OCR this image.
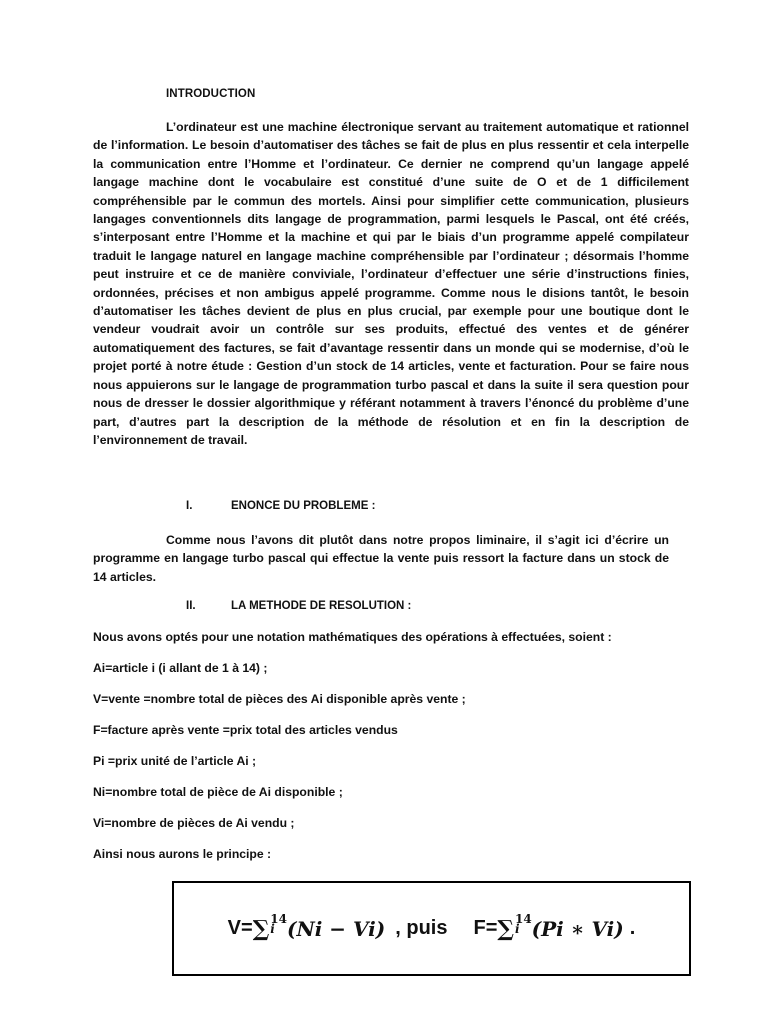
INTRODUCTION

L’ordinateur est une machine électronique servant au traitement automatique et rationnel de l’information. Le besoin d’automatiser des tâches se fait de plus en plus ressentir et cela interpelle la communication entre l’Homme et l’ordinateur. Ce dernier ne comprend qu’un langage appelé langage machine dont le vocabulaire est constitué d’une suite de O et de 1 difficilement compréhensible par le commun des mortels. Ainsi pour simplifier cette communication, plusieurs langages conventionnels dits langage de programmation, parmi lesquels le Pascal, ont été créés, s’interposant entre l’Homme et la machine et qui par le biais d’un programme appelé compilateur traduit le langage naturel en langage machine compréhensible par l’ordinateur ; désormais l’homme peut instruire et ce de manière conviviale, l’ordinateur d’effectuer une série d’instructions finies, ordonnées, précises et non ambigus appelé programme. Comme nous le disions tantôt, le besoin d’automatiser les tâches devient de plus en plus crucial, par exemple pour une boutique dont le vendeur voudrait avoir un contrôle sur ses produits, effectué des ventes et de générer automatiquement des factures, se fait d’avantage ressentir dans un monde qui se modernise, d’où le projet porté à notre étude : Gestion d’un stock de 14 articles, vente et facturation. Pour se faire nous nous appuierons sur le langage de programmation turbo pascal et dans la suite il sera question pour nous de dresser le dossier algorithmique y référant notamment à travers l’énoncé du problème d’une part, d’autres part la description de la méthode de résolution et en fin la description de l’environnement de travail.

I.	ENONCE DU PROBLEME :

Comme nous l’avons dit plutôt dans notre propos liminaire, il s’agit ici d’écrire un programme en langage turbo pascal qui effectue la vente puis ressort la facture dans un stock de 14 articles.

II.	LA METHODE DE RESOLUTION :
Nous avons optés pour une notation mathématiques des opérations à effectuées, soient :
Ai=article i (i allant de 1 à 14) ;
V=vente =nombre total de pièces des Ai disponible après vente ;
F=facture après vente =prix total des articles vendus
Pi =prix unité de l’article Ai ;
Ni=nombre total de pièce de Ai disponible ;
Vi=nombre de pièces de Ai vendu ;
Ainsi nous aurons le principe :
V= ∑ 14
i (Ni − Vi) , puis F= ∑ 14
i (Pi ∗ Vi) .
